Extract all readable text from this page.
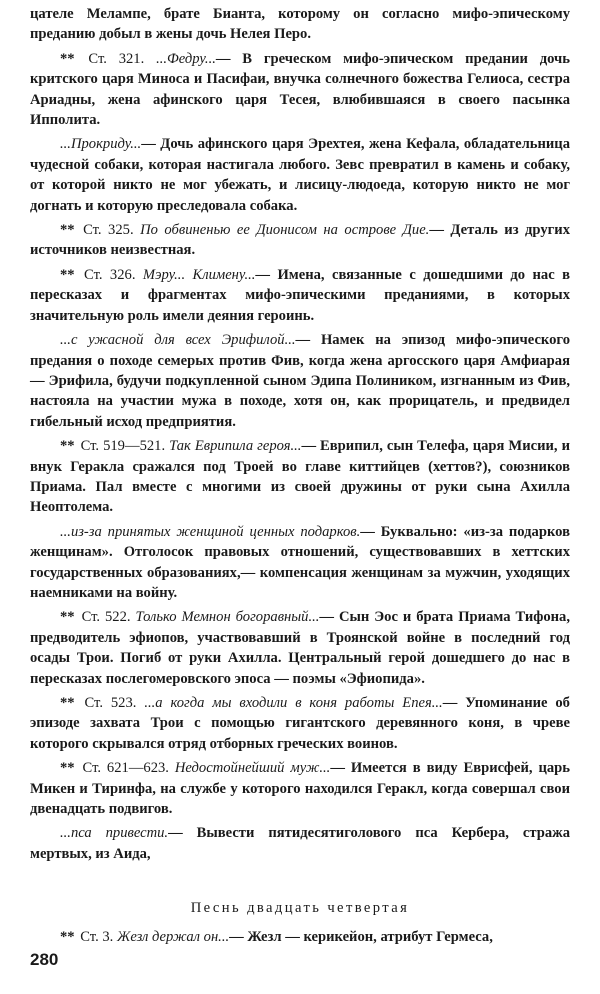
цателе Мелампе, брате Бианта, которому он согласно мифо-эпическому преданию добыл в жены дочь Нелея Перо.

** Ст. 321. ...Федру...— В греческом мифо-эпическом предании дочь критского царя Миноса и Пасифаи, внучка солнечного божества Гелиоса, сестра Ариадны, жена афинского царя Тесея, влюбившаяся в своего пасынка Ипполита.

...Прокриду...— Дочь афинского царя Эрехтея, жена Кефала, обладательница чудесной собаки, которая настигала любого. Зевс превратил в камень и собаку, от которой никто не мог убежать, и лисицу-людоеда, которую никто не мог догнать и которую преследовала собака.

** Ст. 325. По обвиненью ее Дионисом на острове Дие.— Деталь из других источников неизвестная.

** Ст. 326. Мэру... Климену...— Имена, связанные с дошедшими до нас в пересказах и фрагментах мифо-эпическими преданиями, в которых значительную роль имели деяния героинь.

...с ужасной для всех Эрифилой...— Намек на эпизод мифо-эпического предания о походе семерых против Фив, когда жена аргосского царя Амфиарая — Эрифила, будучи подкупленной сыном Эдипа Полиником, изгнанным из Фив, настояла на участии мужа в походе, хотя он, как прорицатель, и предвидел гибельный исход предприятия.

** Ст. 519—521. Так Еврипила героя...— Еврипил, сын Телефа, царя Мисии, и внук Геракла сражался под Троей во главе киттийцев (хеттов?), союзников Приама. Пал вместе с многими из своей дружины от руки сына Ахилла Неоптолема.

...из-за принятых женщиной ценных подарков.— Буквально: «из-за подарков женщинам». Отголосок правовых отношений, существовавших в хеттских государственных образованиях,— компенсация женщинам за мужчин, уходящих наемниками на войну.

** Ст. 522. Только Мемнон богоравный...— Сын Эос и брата Приама Тифона, предводитель эфиопов, участвовавший в Троянской войне в последний год осады Трои. Погиб от руки Ахилла. Центральный герой дошедшего до нас в пересказах послегомеровского эпоса — поэмы «Эфиопида».

** Ст. 523. ...а когда мы входили в коня работы Епея...— Упоминание об эпизоде захвата Трои с помощью гигантского деревянного коня, в чреве которого скрывался отряд отборных греческих воинов.

** Ст. 621—623. Недостойнейший муж...— Имеется в виду Еврисфей, царь Микен и Тиринфа, на службе у которого находился Геракл, когда совершал свои двенадцать подвигов.

...пса привести.— Вывести пятидесятиголового пса Кербера, стража мертвых, из Аида,

Песнь двадцать четвертая

** Ст. 3. Жезл держал он...— Жезл — керикейон, атрибут Гермеса,

280
